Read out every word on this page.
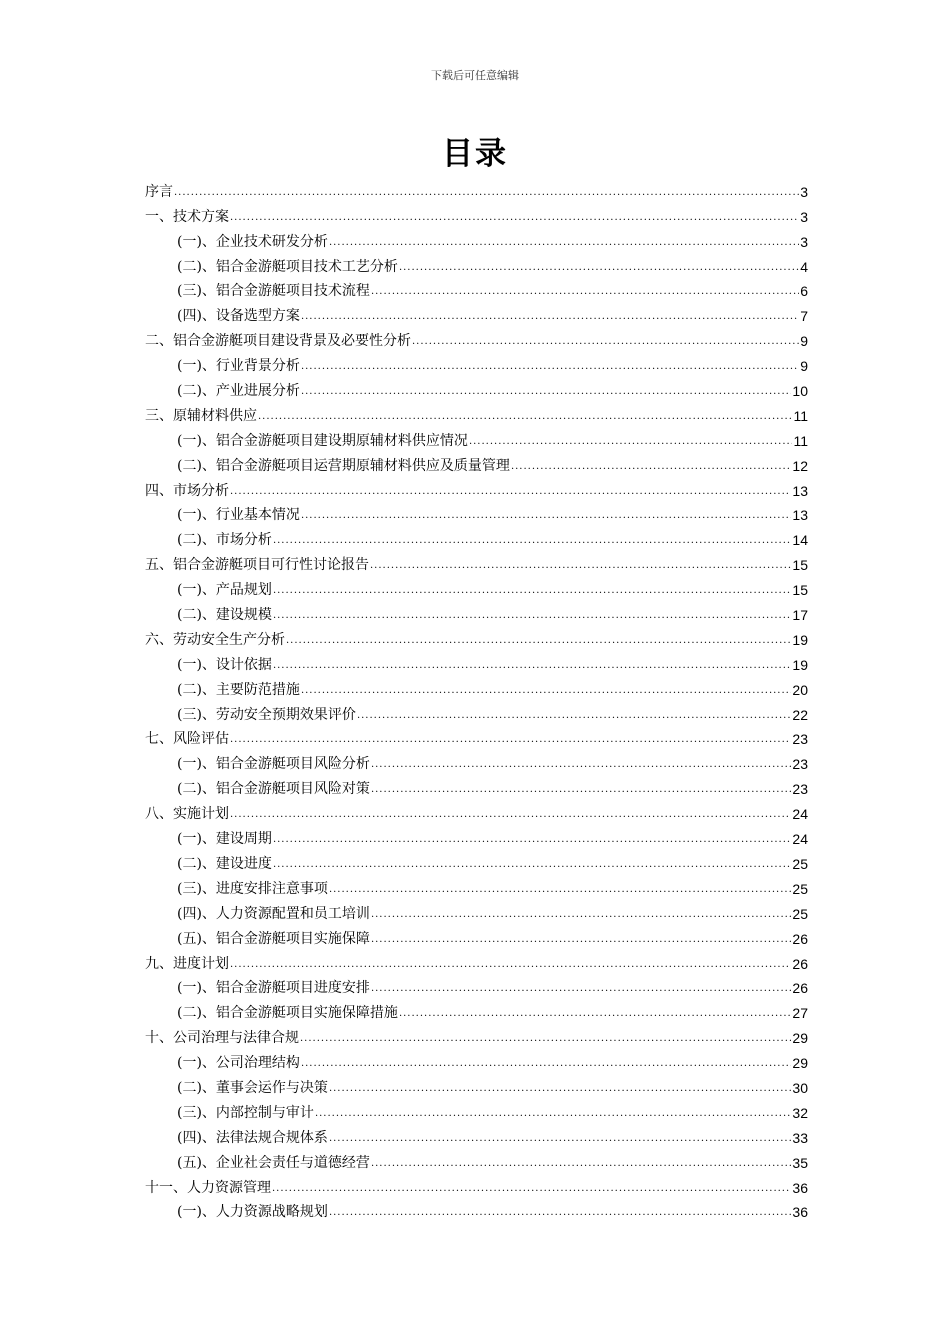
下载后可任意编辑
目录
序言 .....	3
一、技术方案 .....	3
(一)、企业技术研发分析 .....	3
(二)、铝合金游艇项目技术工艺分析 .....	4
(三)、铝合金游艇项目技术流程 .....	6
(四)、设备选型方案 .....	7
二、铝合金游艇项目建设背景及必要性分析 .....	9
(一)、行业背景分析 .....	9
(二)、产业进展分析 .....	10
三、原辅材料供应 .....	11
(一)、铝合金游艇项目建设期原辅材料供应情况 .....	11
(二)、铝合金游艇项目运营期原辅材料供应及质量管理 .....	12
四、市场分析 .....	13
(一)、行业基本情况 .....	13
(二)、市场分析 .....	14
五、铝合金游艇项目可行性讨论报告 .....	15
(一)、产品规划 .....	15
(二)、建设规模 .....	17
六、劳动安全生产分析 .....	19
(一)、设计依据 .....	19
(二)、主要防范措施 .....	20
(三)、劳动安全预期效果评价 .....	22
七、风险评估 .....	23
(一)、铝合金游艇项目风险分析 .....	23
(二)、铝合金游艇项目风险对策 .....	23
八、实施计划 .....	24
(一)、建设周期 .....	24
(二)、建设进度 .....	25
(三)、进度安排注意事项 .....	25
(四)、人力资源配置和员工培训 .....	25
(五)、铝合金游艇项目实施保障 .....	26
九、进度计划 .....	26
(一)、铝合金游艇项目进度安排 .....	26
(二)、铝合金游艇项目实施保障措施 .....	27
十、公司治理与法律合规 .....	29
(一)、公司治理结构 .....	29
(二)、董事会运作与决策 .....	30
(三)、内部控制与审计 .....	32
(四)、法律法规合规体系 .....	33
(五)、企业社会责任与道德经营 .....	35
十一、人力资源管理 .....	36
(一)、人力资源战略规划 .....	36
